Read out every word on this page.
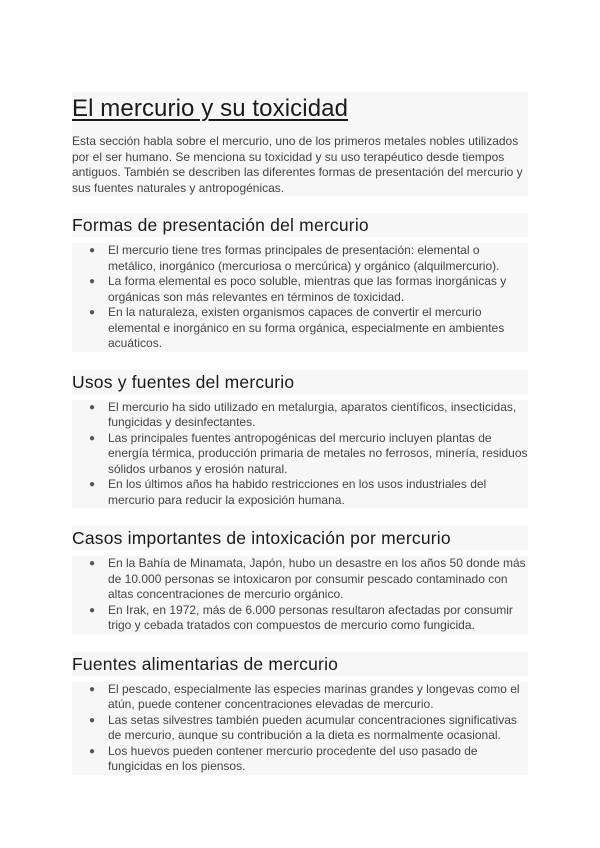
El mercurio y su toxicidad

Esta sección habla sobre el mercurio, uno de los primeros metales nobles utilizados por el ser humano. Se menciona su toxicidad y su uso terapéutico desde tiempos antiguos. También se describen las diferentes formas de presentación del mercurio y sus fuentes naturales y antropogénicas.

Formas de presentación del mercurio
● El mercurio tiene tres formas principales de presentación: elemental o metálico, inorgánico (mercuriosa o mercúrica) y orgánico (alquilmercurio).
● La forma elemental es poco soluble, mientras que las formas inorgánicas y orgánicas son más relevantes en términos de toxicidad.
● En la naturaleza, existen organismos capaces de convertir el mercurio elemental e inorgánico en su forma orgánica, especialmente en ambientes acuáticos.
Usos y fuentes del mercurio
● El mercurio ha sido utilizado en metalurgia, aparatos científicos, insecticidas, fungicidas y desinfectantes.
● Las principales fuentes antropogénicas del mercurio incluyen plantas de energía térmica, producción primaria de metales no ferrosos, minería, residuos sólidos urbanos y erosión natural.
● En los últimos años ha habido restricciones en los usos industriales del mercurio para reducir la exposición humana.
Casos importantes de intoxicación por mercurio
● En la Bahía de Minamata, Japón, hubo un desastre en los años 50 donde más de 10.000 personas se intoxicaron por consumir pescado contaminado con altas concentraciones de mercurio orgánico.
● En Irak, en 1972, más de 6.000 personas resultaron afectadas por consumir trigo y cebada tratados con compuestos de mercurio como fungicida.
Fuentes alimentarias de mercurio
● El pescado, especialmente las especies marinas grandes y longevas como el atún, puede contener concentraciones elevadas de mercurio.
● Las setas silvestres también pueden acumular concentraciones significativas de mercurio, aunque su contribución a la dieta es normalmente ocasional.
● Los huevos pueden contener mercurio procedente del uso pasado de fungicidas en los piensos.
